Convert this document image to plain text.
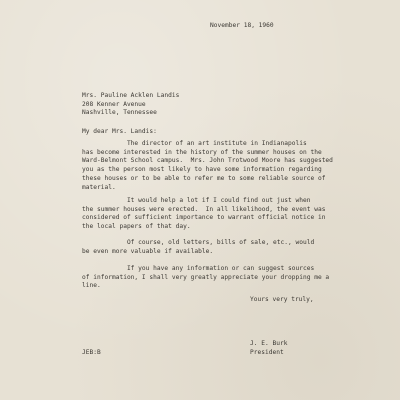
November 18, 1960
Mrs. Pauline Acklen Landis
208 Kenner Avenue
Nashville, Tennessee
My dear Mrs. Landis:
The director of an art institute in Indianapolis
has become interested in the history of the summer houses on the
Ward-Belmont School campus.  Mrs. John Trotwood Moore has suggested
you as the person most likely to have some information regarding
these houses or to be able to refer me to some reliable source of
material.
It would help a lot if I could find out just when
the summer houses were erected.  In all likelihood, the event was
considered of sufficient importance to warrant official notice in
the local papers of that day.
Of course, old letters, bills of sale, etc., would
be even more valuable if available.
If you have any information or can suggest sources
of information, I shall very greatly appreciate your dropping me a
line.
Yours very truly,
J. E. Burk
President
JEB:B
